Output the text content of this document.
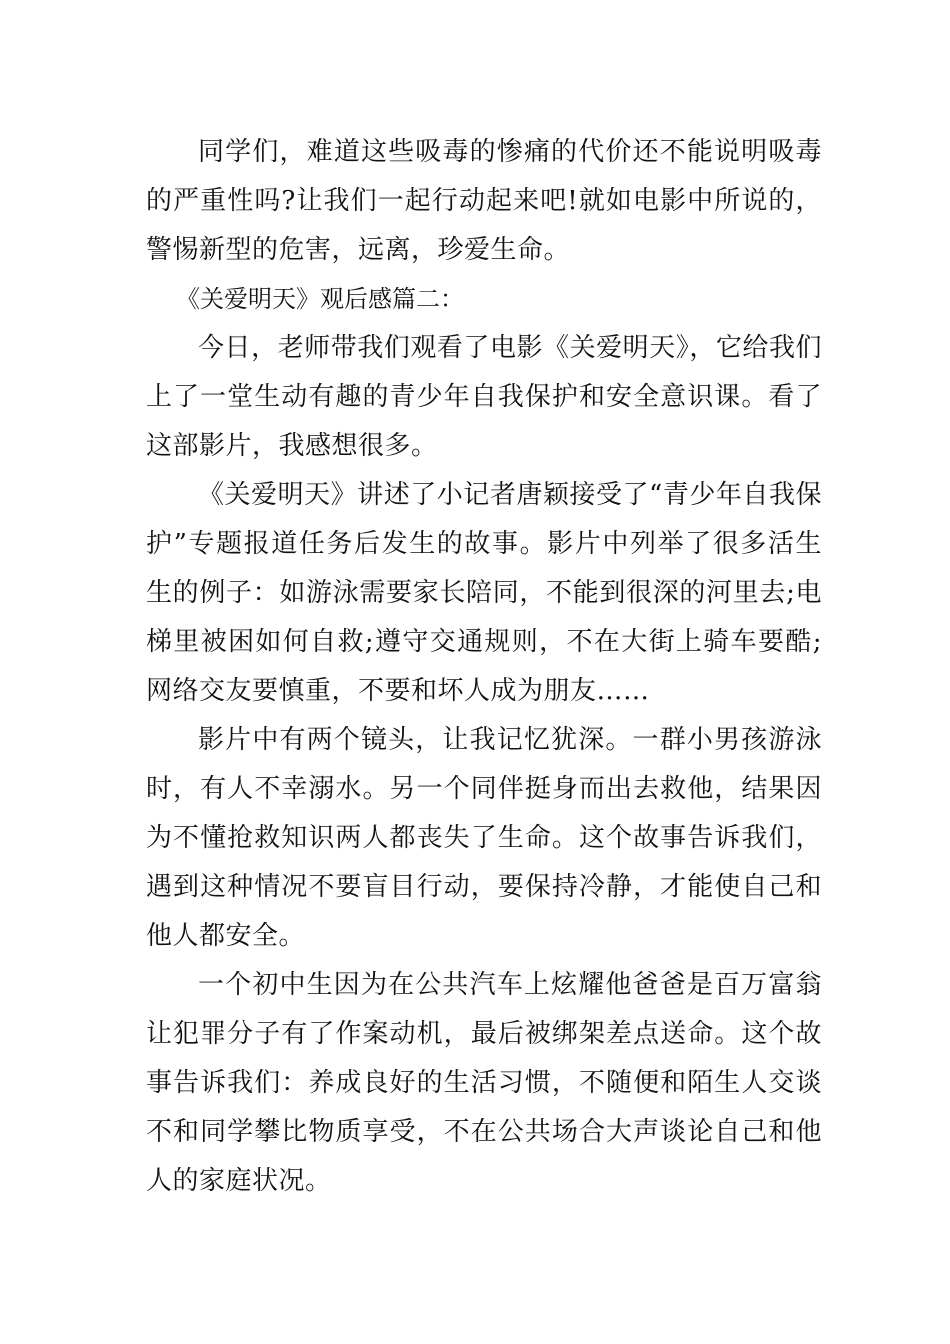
同学们，难道这些吸毒的惨痛的代价还不能说明吸毒的严重性吗?让我们一起行动起来吧!就如电影中所说的，警惕新型的危害，远离，珍爱生命。

《关爱明天》观后感篇二：

今日，老师带我们观看了电影《关爱明天》，它给我们上了一堂生动有趣的青少年自我保护和安全意识课。看了这部影片，我感想很多。

《关爱明天》讲述了小记者唐颖接受了“青少年自我保护”专题报道任务后发生的故事。影片中列举了很多活生生的例子：如游泳需要家长陪同，不能到很深的河里去;电梯里被困如何自救;遵守交通规则，不在大街上骑车要酷;网络交友要慎重，不要和坏人成为朋友……

影片中有两个镜头，让我记忆犹深。一群小男孩游泳时，有人不幸溺水。另一个同伴挺身而出去救他，结果因为不懂抢救知识两人都丧失了生命。这个故事告诉我们，遇到这种情况不要盲目行动，要保持冷静，才能使自己和他人都安全。

一个初中生因为在公共汽车上炫耀他爸爸是百万富翁让犯罪分子有了作案动机，最后被绑架差点送命。这个故事告诉我们：养成良好的生活习惯，不随便和陌生人交谈不和同学攀比物质享受，不在公共场合大声谈论自己和他人的家庭状况。
